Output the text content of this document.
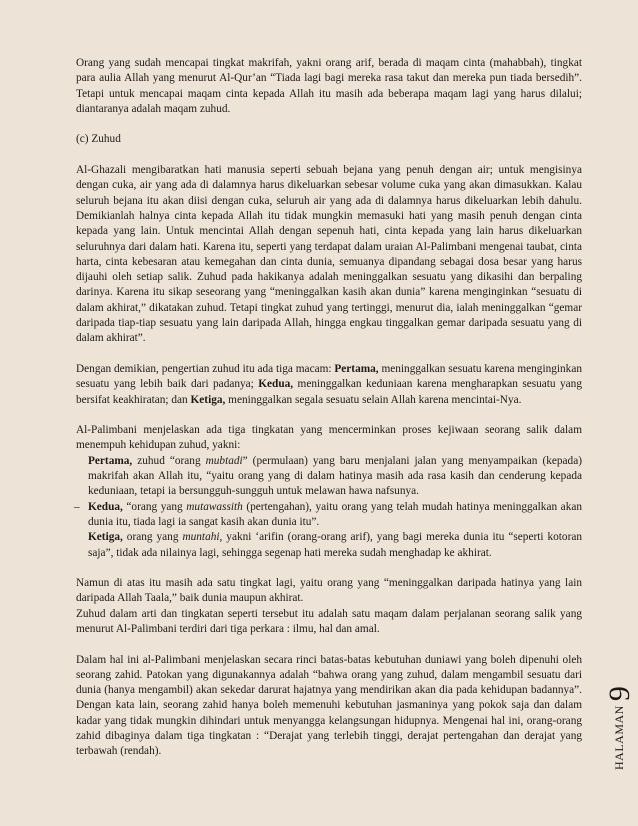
Orang yang sudah mencapai tingkat makrifah, yakni orang arif, berada di maqam cinta (mahabbah), tingkat para aulia Allah yang menurut Al-Qur’an “Tiada lagi bagi mereka rasa takut dan mereka pun tiada bersedih”. Tetapi untuk mencapai maqam cinta kepada Allah itu masih ada beberapa maqam lagi yang harus dilalui; diantaranya adalah maqam zuhud.

(c) Zuhud

Al-Ghazali mengibaratkan hati manusia seperti sebuah bejana yang penuh dengan air; untuk mengisinya dengan cuka, air yang ada di dalamnya harus dikeluarkan sebesar volume cuka yang akan dimasukkan. Kalau seluruh bejana itu akan diisi dengan cuka, seluruh air yang ada di dalamnya harus dikeluarkan lebih dahulu. Demikianlah halnya cinta kepada Allah itu tidak mungkin memasuki hati yang masih penuh dengan cinta kepada yang lain. Untuk mencintai Allah dengan sepenuh hati, cinta kepada yang lain harus dikeluarkan seluruhnya dari dalam hati. Karena itu, seperti yang terdapat dalam uraian Al-Palimbani mengenai taubat, cinta harta, cinta kebesaran atau kemegahan dan cinta dunia, semuanya dipandang sebagai dosa besar yang harus dijauhi oleh setiap salik. Zuhud pada hakikanya adalah meninggalkan sesuatu yang dikasihi dan berpaling darinya. Karena itu sikap seseorang yang “meninggalkan kasih akan dunia” karena menginginkan “sesuatu di dalam akhirat,” dikatakan zuhud. Tetapi tingkat zuhud yang tertinggi, menurut dia, ialah meninggalkan “gemar daripada tiap-tiap sesuatu yang lain daripada Allah, hingga engkau tinggalkan gemar daripada sesuatu yang di dalam akhirat”.

Dengan demikian, pengertian zuhud itu ada tiga macam: Pertama, meninggalkan sesuatu karena menginginkan sesuatu yang lebih baik dari padanya; Kedua, meninggalkan keduniaan karena mengharapkan sesuatu yang bersifat keakhiratan; dan Ketiga, meninggalkan segala sesuatu selain Allah karena mencintai-Nya.

Al-Palimbani menjelaskan ada tiga tingkatan yang mencerminkan proses kejiwaan seorang salik dalam menempuh kehidupan zuhud, yakni:

Pertama, zuhud “orang mubtadi” (permulaan) yang baru menjalani jalan yang menyampaikan (kepada) makrifah akan Allah itu, “yaitu orang yang di dalam hatinya masih ada rasa kasih dan cenderung kepada keduniaan, tetapi ia bersungguh-sungguh untuk melawan hawa nafsunya.

– Kedua, “orang yang mutawassith (pertengahan), yaitu orang yang telah mudah hatinya meninggalkan akan dunia itu, tiada lagi ia sangat kasih akan dunia itu”.

Ketiga, orang yang muntahi, yakni ‘arifin (orang-orang arif), yang bagi mereka dunia itu “seperti kotoran saja”, tidak ada nilainya lagi, sehingga segenap hati mereka sudah menghadap ke akhirat.

Namun di atas itu masih ada satu tingkat lagi, yaitu orang yang “meninggalkan daripada hatinya yang lain daripada Allah Taala,” baik dunia maupun akhirat.

Zuhud dalam arti dan tingkatan seperti tersebut itu adalah satu maqam dalam perjalanan seorang salik yang menurut Al-Palimbani terdiri dari tiga perkara : ilmu, hal dan amal.

Dalam hal ini al-Palimbani menjelaskan secara rinci batas-batas kebutuhan duniawi yang boleh dipenuhi oleh seorang zahid. Patokan yang digunakannya adalah “bahwa orang yang zuhud, dalam mengambil sesuatu dari dunia (hanya mengambil) akan sekedar darurat hajatnya yang mendirikan akan dia pada kehidupan badannya”. Dengan kata lain, seorang zahid hanya boleh memenuhi kebutuhan jasmaninya yang pokok saja dan dalam kadar yang tidak mungkin dihindari untuk menyangga kelangsungan hidupnya. Mengenai hal ini, orang-orang zahid dibaginya dalam tiga tingkatan : “Derajat yang terlebih tinggi, derajat pertengahan dan derajat yang terbawah (rendah).	HALAMAN9
